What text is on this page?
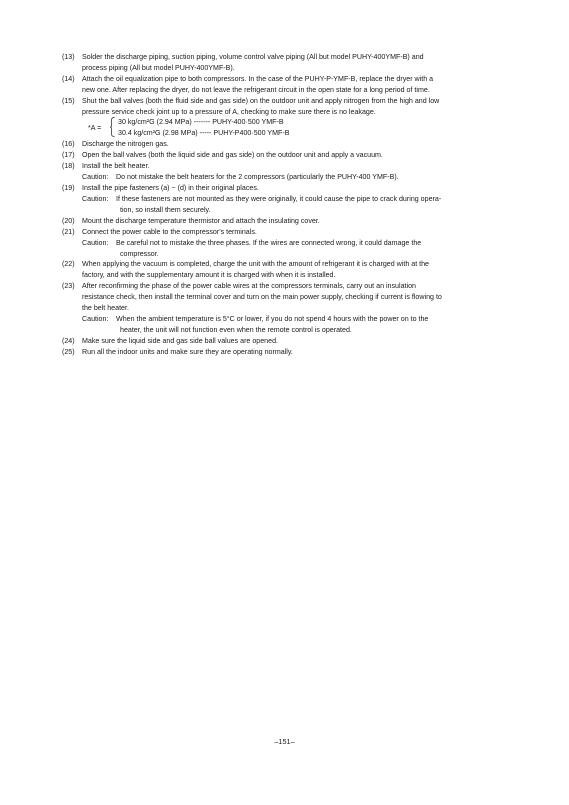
(13) Solder the discharge piping, suction piping, volume control valve piping (All but model PUHY-400YMF-B) and
process piping (All but model PUHY-400YMF-B).
(14) Attach the oil equalization pipe to both compressors. In the case of the PUHY-P-YMF-B, replace the dryer with a
new one. After replacing the dryer, do not leave the refrigerant circuit in the open state for a long period of time.
(15) Shut the ball valves (both the fluid side and gas side) on the outdoor unit and apply nitrogen from the high and low
pressure service check joint up to a pressure of A, checking to make sure there is no leakage.
*A =
30 kg/cm²G (2.94 MPa) ------- PUHY-400·500 YMF-B
30.4 kg/cm²G (2.98 MPa) ----- PUHY-P400·500 YMF-B
(16) Discharge the nitrogen gas.
(17) Open the ball valves (both the liquid side and gas side) on the outdoor unit and apply a vacuum.
(18) Install the belt heater.
Caution:	Do not mistake the belt heaters for the 2 compressors (particularly the PUHY-400 YMF-B).
(19) Install the pipe fasteners (a) ~ (d) in their original places.
Caution:	If these fasteners are not mounted as they were originally, it could cause the pipe to crack during opera-
tion, so install them securely.
(20) Mount the discharge temperature thermistor and attach the insulating cover.
(21) Connect the power cable to the compressor's terminals.
Caution:	Be careful not to mistake the three phases. If the wires are connected wrong, it could damage the
compressor.
(22) When applying the vacuum is completed, charge the unit with the amount of refrigerant it is charged with at the
factory, and with the supplementary amount it is charged with when it is installed.
(23) After reconfirming the phase of the power cable wires at the compressors terminals, carry out an insulation
resistance check, then install the terminal cover and turn on the main power supply, checking if current is flowing to
the belt heater.
Caution:	When the ambient temperature is 5°C or lower, if you do not spend 4 hours with the power on to the
heater, the unit will not function even when the remote control is operated.
(24) Make sure the liquid side and gas side ball values are opened.
(25) Run all the indoor units and make sure they are operating normally.
–151–
